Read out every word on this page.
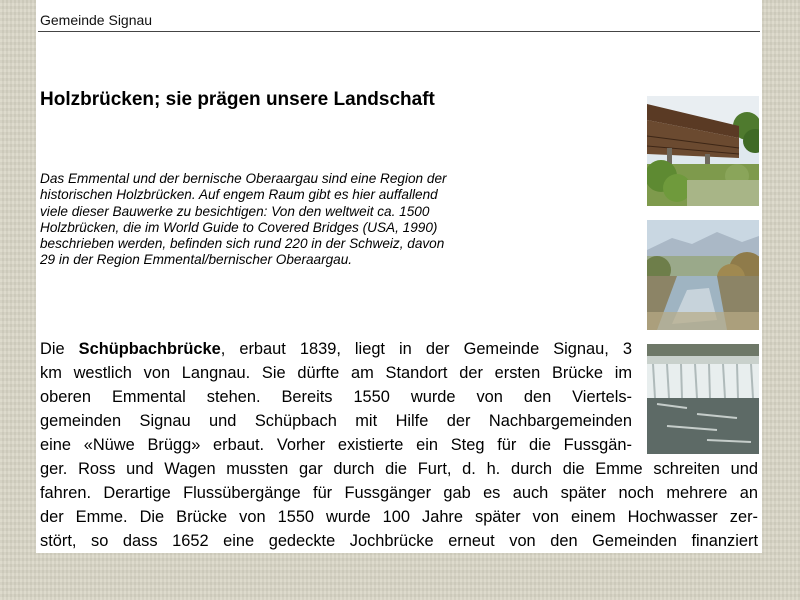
Gemeinde Signau
Holzbrücken; sie prägen unsere Landschaft
Das Emmental und der bernische Oberaargau sind eine Region der
historischen Holzbrücken. Auf engem Raum gibt es hier auffallend
viele dieser Bauwerke zu besichtigen: Von den weltweit ca. 1500
Holzbrücken, die im World Guide to Covered Bridges (USA, 1990)
beschrieben werden, befinden sich rund 220 in der Schweiz, davon
29 in der Region Emmental/bernischer Oberaargau.
Die Schüpbachbrücke, erbaut 1839, liegt in der Gemeinde Signau, 3
km westlich von Langnau. Sie dürfte am Standort der ersten Brücke im
oberen Emmental stehen. Bereits 1550 wurde von den Viertels-
gemeinden Signau und Schüpbach mit Hilfe der Nachbargemeinden
eine «Nüwe Brügg» erbaut. Vorher existierte ein Steg für die Fussgän-
ger. Ross und Wagen mussten gar durch die Furt, d. h. durch die Emme schreiten und
fahren. Derartige Flussübergänge für Fussgänger gab es auch später noch mehrere an
der Emme. Die Brücke von 1550 wurde 100 Jahre später von einem Hochwasser zer-
stört, so dass 1652 eine gedeckte Jochbrücke erneut von den Gemeinden finanziert
